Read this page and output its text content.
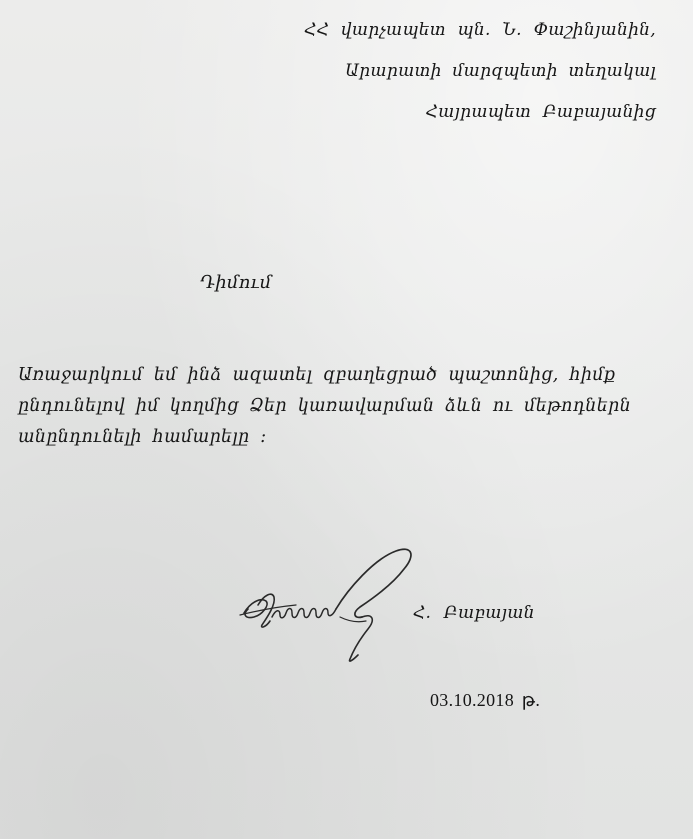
ՀՀ վարչապետ պն. Ն. Փաշինյանին,

Արարատի մարզպետի տեղակալ

Հայրապետ Բաբայանից

Դիմում

Առաջարկում եմ ինձ ազատել զբաղեցրած պաշտոնից, հիմք

ընդունելով իմ կողմից Ձեր կառավարման ձևն ու մեթոդներն

անընդունելի համարելը :

Հ. Բաբայան

03.10.2018 թ.
